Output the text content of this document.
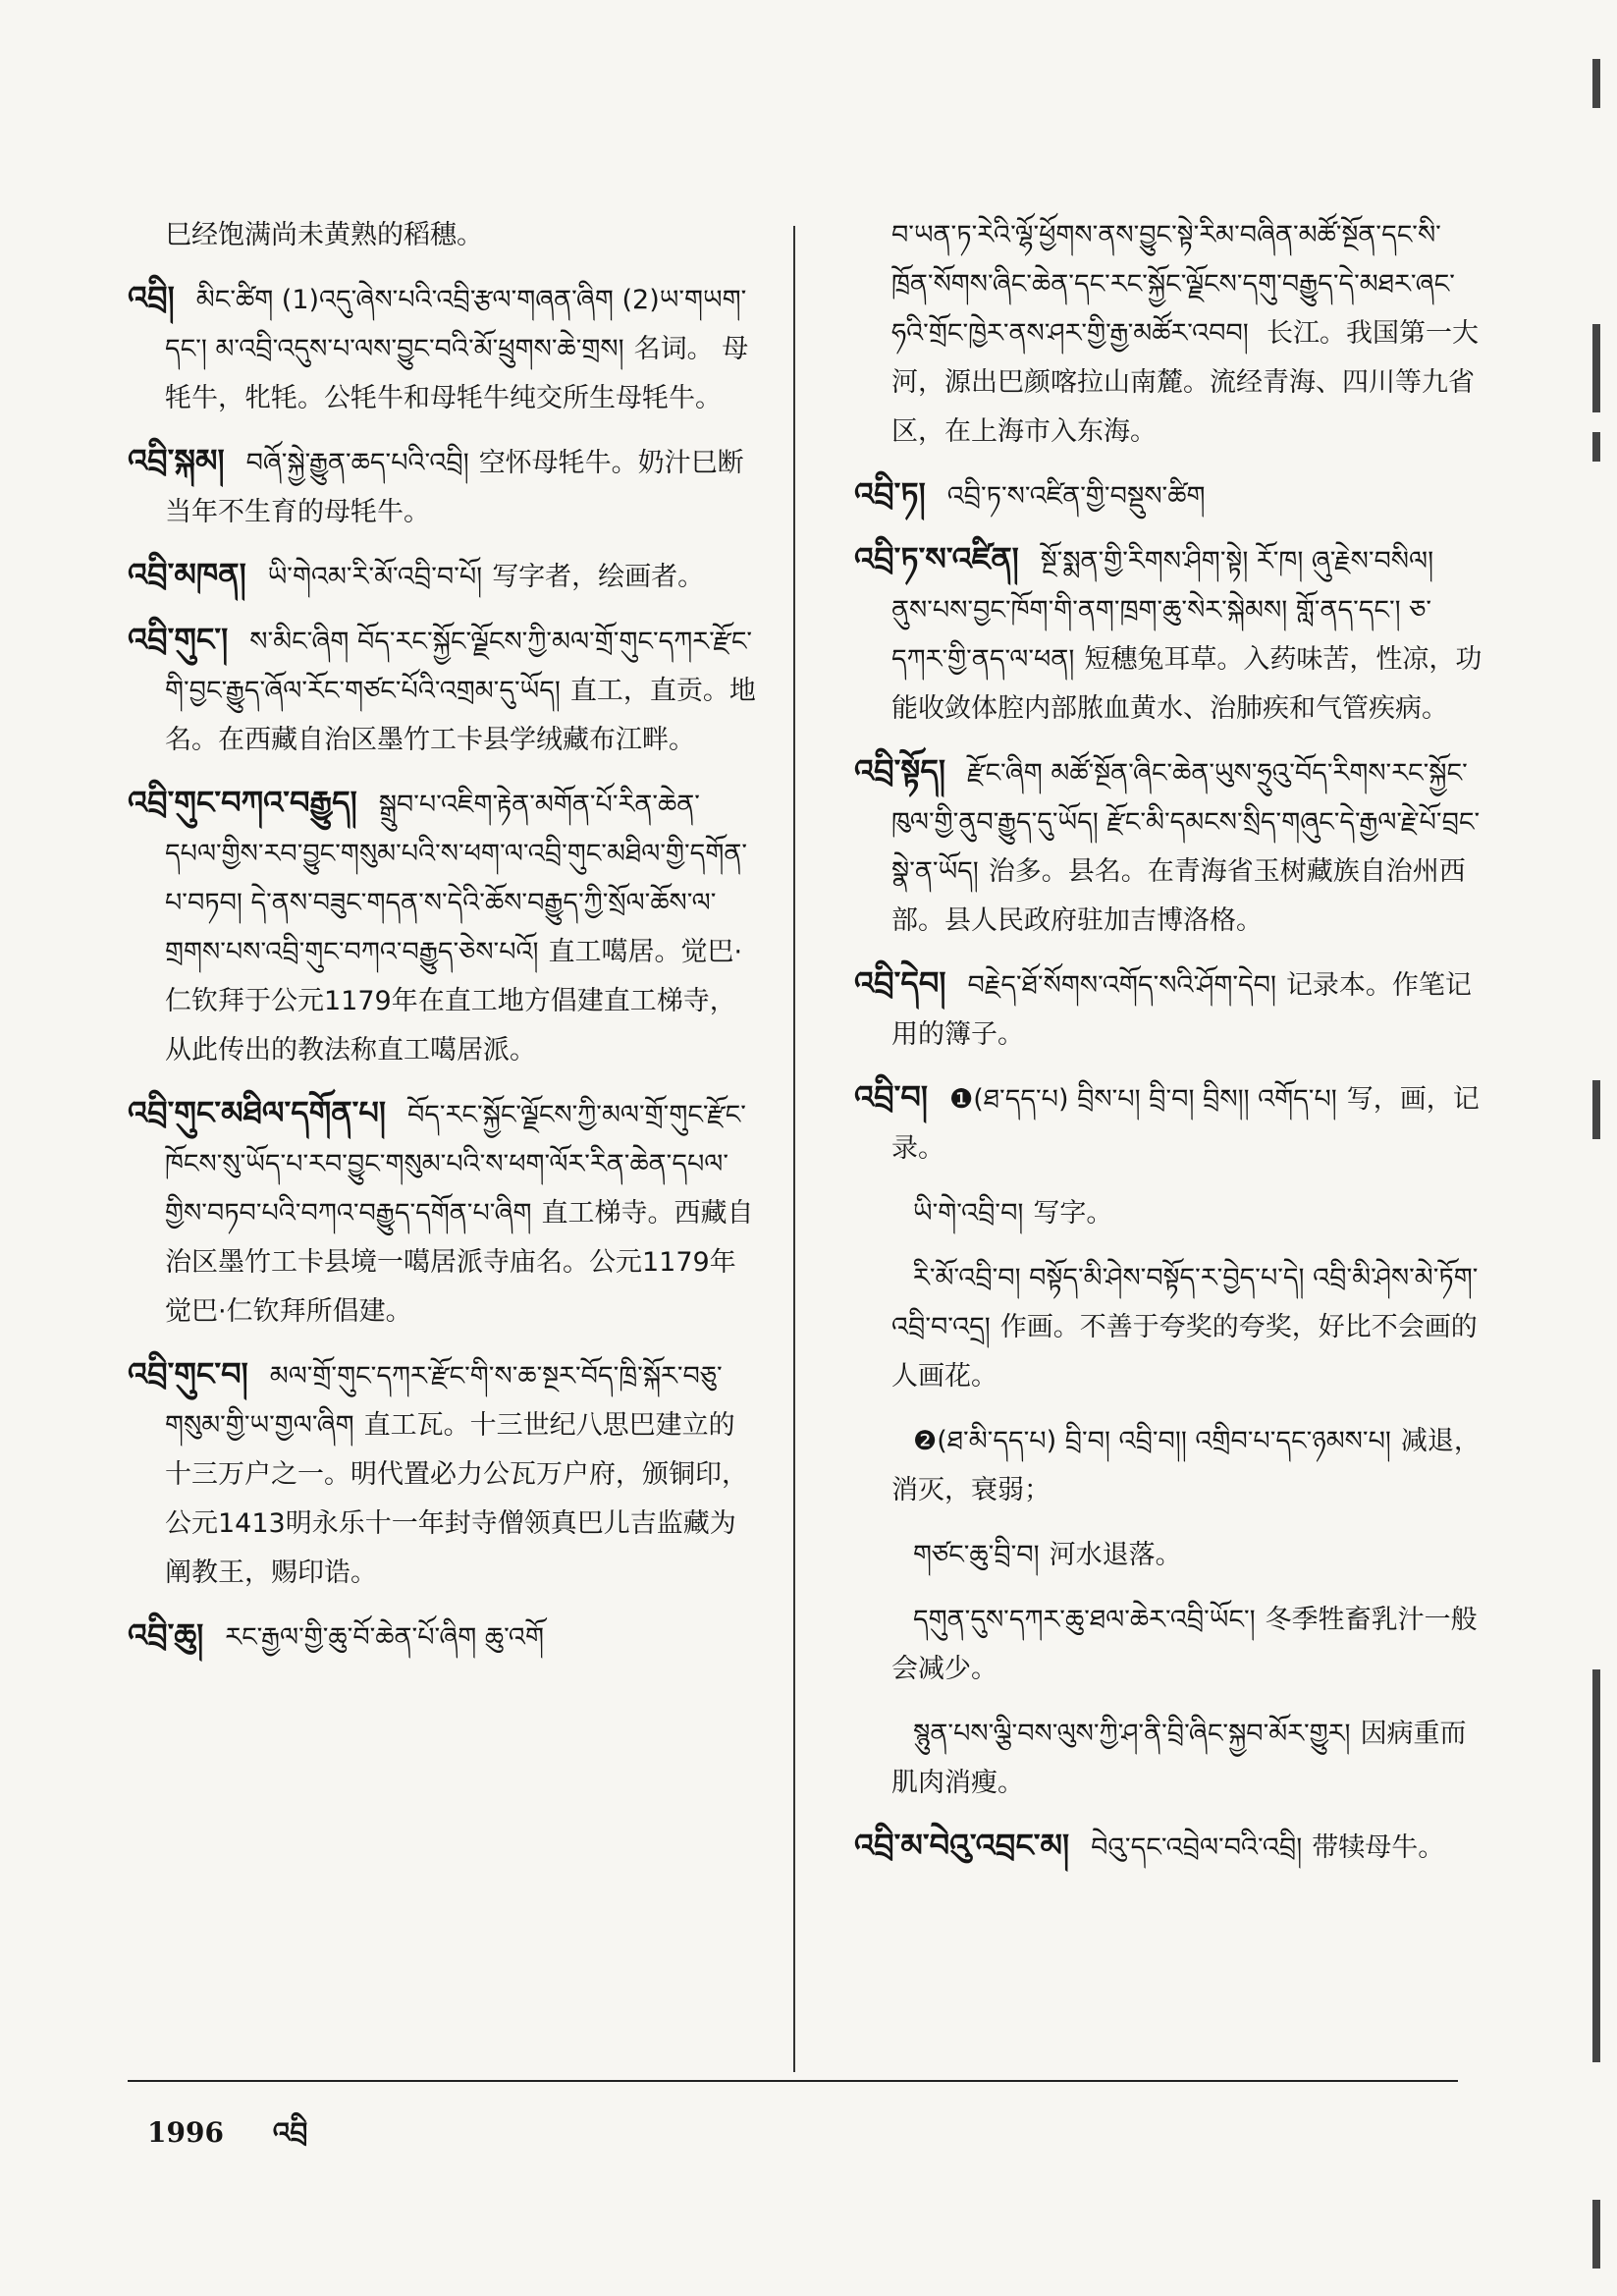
巳经饱满尚未黄熟的稻穗。
འབྲི། མིང་ཚིག (1)འདུ་ཞེས་པའི་འབྲི་རྩལ་གཞན་ཞིག (2)ཡ་གཡག་དང་། མ་འབྲི་འདུས་པ་ལས་བྱུང་བའི་མོ་ཕྲུགས་ཆེ་གྲས། 名词。 母牦牛，牝牦。公牦牛和母牦牛纯交所生母牦牛。
འབྲི་སྐམ། བཞོ་སྐྱེ་རྒྱུན་ཆད་པའི་འབྲི། 空怀母牦牛。奶汁巳断当年不生育的母牦牛。
འབྲི་མཁན། ཡི་གེའམ་རི་མོ་འབྲི་བ་པོ། 写字者，绘画者。
འབྲི་གུང་། ས་མིང་ཞིག བོད་རང་སྐྱོང་ལྗོངས་ཀྱི་མལ་གྲོ་གུང་དཀར་རྫོང་གི་བྱང་རྒྱུད་ཞོལ་རོང་གཙང་པོའི་འགྲམ་དུ་ཡོད། 直工，直贡。地名。在西藏自治区墨竹工卡县学绒藏布江畔。
འབྲི་གུང་བཀའ་བརྒྱུད། སྒྲུབ་པ་འཇིག་རྟེན་མགོན་པོ་རིན་ཆེན་དཔལ་གྱིས་རབ་བྱུང་གསུམ་པའི་ས་ཕག་ལ་འབྲི་གུང་མཐིལ་གྱི་དགོན་པ་བཏབ། དེ་ནས་བཟུང་གདན་ས་དེའི་ཆོས་བརྒྱུད་ཀྱི་སྲོལ་ཆོས་ལ་གྲགས་པས་འབྲི་གུང་བཀའ་བརྒྱུད་ཅེས་པའོ། 直工噶居。觉巴·仁钦拜于公元1179年在直工地方倡建直工梯寺，从此传出的教法称直工噶居派。
འབྲི་གུང་མཐིལ་དགོན་པ། བོད་རང་སྐྱོང་ལྗོངས་ཀྱི་མལ་གྲོ་གུང་རྫོང་ཁོངས་སུ་ཡོད་པ་རབ་བྱུང་གསུམ་པའི་ས་ཕག་ལོར་རིན་ཆེན་དཔལ་གྱིས་བཏབ་པའི་བཀའ་བརྒྱུད་དགོན་པ་ཞིག 直工梯寺。西藏自治区墨竹工卡县境一噶居派寺庙名。公元1179年觉巴·仁钦拜所倡建。
འབྲི་གུང་བ། མལ་གྲོ་གུང་དཀར་རྫོང་གི་ས་ཆ་སྔར་བོད་ཁྲི་སྐོར་བཅུ་གསུམ་གྱི་ཡ་གྱལ་ཞིག 直工瓦。十三世纪八思巴建立的十三万户之一。明代置必力公瓦万户府，颁铜印，公元1413明永乐十一年封寺僧领真巴儿吉监藏为阐教王，赐印诰。
འབྲི་ཆུ། རང་རྒྱལ་གྱི་ཆུ་བོ་ཆེན་པོ་ཞིག ཆུ་འགོ
བ་ཡན་ཏ་རེའི་ལྷོ་ཕྱོགས་ནས་བྱུང་སྟེ་རིམ་བཞིན་མཚོ་སྔོན་དང་སི་ཁྲོན་སོགས་ཞིང་ཆེན་དང་རང་སྐྱོང་ལྗོངས་དགུ་བརྒྱུད་དེ་མཐར་ཞང་ཧའི་གྲོང་ཁྱེར་ནས་ཤར་གྱི་རྒྱ་མཚོར་འབབ། 长江。我国第一大河，源出巴颜喀拉山南麓。流经青海、四川等九省区，在上海市入东海。
འབྲི་ཏ། འབྲི་ཏ་ས་འཛིན་གྱི་བསྡུས་ཚིག
འབྲི་ཏ་ས་འཛིན། སྔོ་སྨན་གྱི་རིགས་ཤིག་སྟེ། རོ་ཁ། ཞུ་རྗེས་བསིལ། ནུས་པས་བྱང་ཁོག་གི་ནག་ཁྲག་ཆུ་སེར་སྐེམས། གློ་ནད་དང་། ཅ་དཀར་གྱི་ནད་ལ་ཕན། 短穗兔耳草。入药味苦，性凉，功能收敛体腔内部脓血黄水、治肺疾和气管疾病。
འབྲི་སྟོད། རྫོང་ཞིག མཚོ་སྔོན་ཞིང་ཆེན་ཡུས་ཧྲུའུ་བོད་རིགས་རང་སྐྱོང་ཁུལ་གྱི་ནུབ་རྒྱུད་དུ་ཡོད། རྫོང་མི་དམངས་སྲིད་གཞུང་དེ་རྒྱལ་རྗེ་པོ་བྲང་སྣེ་ན་ཡོད། 治多。县名。在青海省玉树藏族自治州西部。县人民政府驻加吉博洛格。
འབྲི་དེབ། བརྗེད་ཐོ་སོགས་འགོད་སའི་ཤོག་དེབ། 记录本。作笔记用的簿子。
འབྲི་བ། ❶(ཐ་དད་པ) བྲིས་པ། བྲི་བ། བྲིས།། འགོད་པ། 写，画，记录。
ཡི་གེ་འབྲི་བ། 写字。
རི་མོ་འབྲི་བ། བསྟོད་མི་ཤེས་བསྟོད་ར་བྱེད་པ་དེ། འབྲི་མི་ཤེས་མེ་ཏོག་འབྲི་བ་འདྲ། 作画。不善于夸奖的夸奖，好比不会画的人画花。
❷(ཐ་མི་དད་པ) བྲི་བ། འབྲི་བ།། འགྲིབ་པ་དང་ཉམས་པ། 减退，消灭，衰弱；
གཙང་ཆུ་བྲི་བ། 河水退落。
དགུན་དུས་དཀར་ཆུ་ཐལ་ཆེར་འབྲི་ཡོང་། 冬季牲畜乳汁一般会减少。
སྙུན་པས་ལྕི་བས་ལུས་ཀྱི་ཤ་ནི་བྲི་ཞིང་སྐྱབ་མོར་གྱུར། 因病重而肌肉消瘦。
འབྲི་མ་བེའུ་འབྲང་མ། བེའུ་དང་འབྲེལ་བའི་འབྲི། 带犊母牛。
1996 འབྲི
